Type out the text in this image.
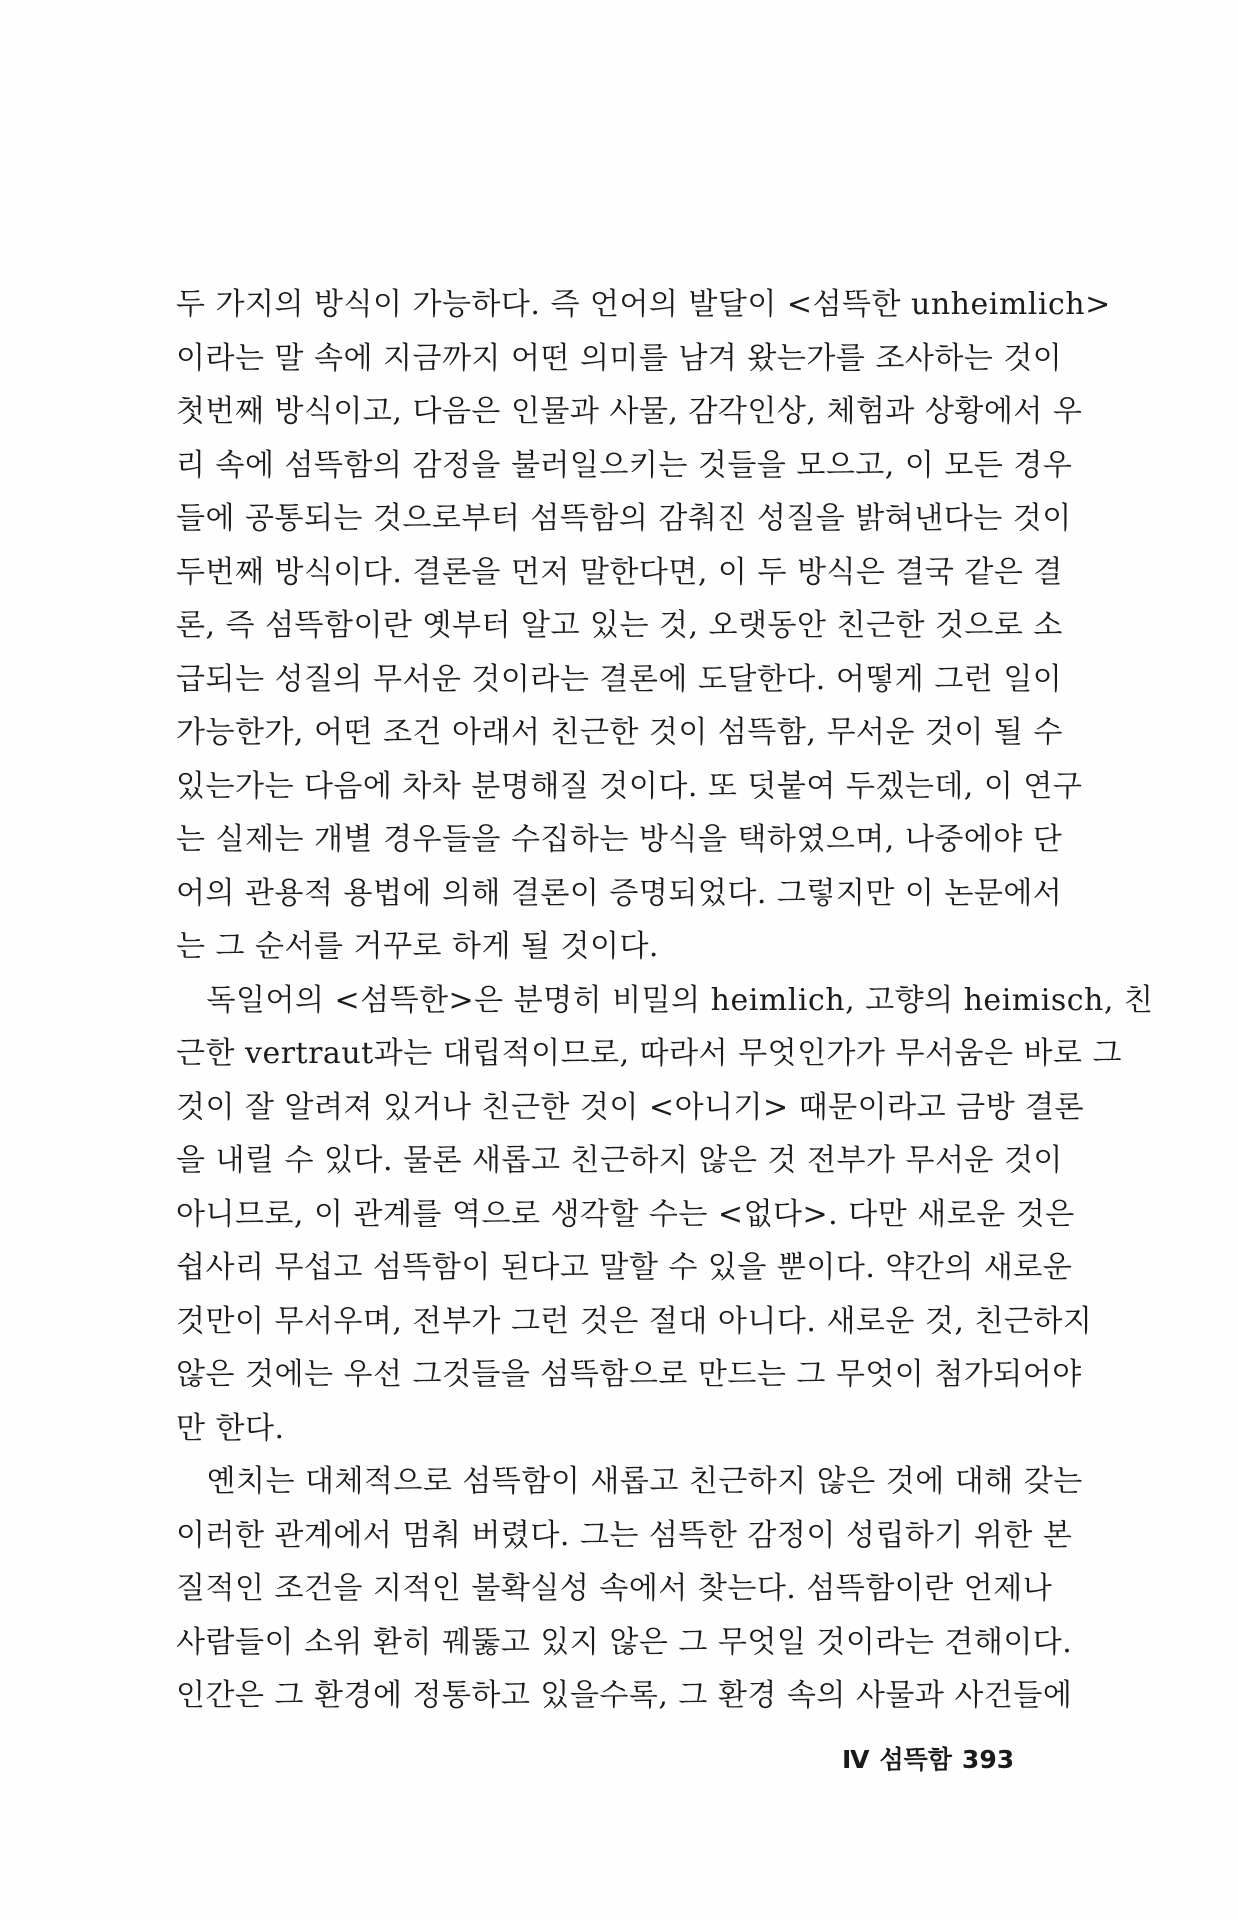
두 가지의 방식이 가능하다. 즉 언어의 발달이 <섬뜩한 unheimlich>
이라는 말 속에 지금까지 어떤 의미를 남겨 왔는가를 조사하는 것이
첫번째 방식이고, 다음은 인물과 사물, 감각인상, 체험과 상황에서 우
리 속에 섬뜩함의 감정을 불러일으키는 것들을 모으고, 이 모든 경우
들에 공통되는 것으로부터 섬뜩함의 감춰진 성질을 밝혀낸다는 것이
두번째 방식이다. 결론을 먼저 말한다면, 이 두 방식은 결국 같은 결
론, 즉 섬뜩함이란 옛부터 알고 있는 것, 오랫동안 친근한 것으로 소
급되는 성질의 무서운 것이라는 결론에 도달한다. 어떻게 그런 일이
가능한가, 어떤 조건 아래서 친근한 것이 섬뜩함, 무서운 것이 될 수
있는가는 다음에 차차 분명해질 것이다. 또 덧붙여 두겠는데, 이 연구
는 실제는 개별 경우들을 수집하는 방식을 택하였으며, 나중에야 단
어의 관용적 용법에 의해 결론이 증명되었다. 그렇지만 이 논문에서
는 그 순서를 거꾸로 하게 될 것이다.
　독일어의 <섬뜩한>은 분명히 비밀의 heimlich, 고향의 heimisch, 친
근한 vertraut과는 대립적이므로, 따라서 무엇인가가 무서움은 바로 그
것이 잘 알려져 있거나 친근한 것이 <아니기> 때문이라고 금방 결론
을 내릴 수 있다. 물론 새롭고 친근하지 않은 것 전부가 무서운 것이
아니므로, 이 관계를 역으로 생각할 수는 <없다>. 다만 새로운 것은
쉽사리 무섭고 섬뜩함이 된다고 말할 수 있을 뿐이다. 약간의 새로운
것만이 무서우며, 전부가 그런 것은 절대 아니다. 새로운 것, 친근하지
않은 것에는 우선 그것들을 섬뜩함으로 만드는 그 무엇이 첨가되어야
만 한다.
　옌치는 대체적으로 섬뜩함이 새롭고 친근하지 않은 것에 대해 갖는
이러한 관계에서 멈춰 버렸다. 그는 섬뜩한 감정이 성립하기 위한 본
질적인 조건을 지적인 불확실성 속에서 찾는다. 섬뜩함이란 언제나
사람들이 소위 환히 꿰뚫고 있지 않은 그 무엇일 것이라는 견해이다.
인간은 그 환경에 정통하고 있을수록, 그 환경 속의 사물과 사건들에
Ⅳ 섬뜩함 393
